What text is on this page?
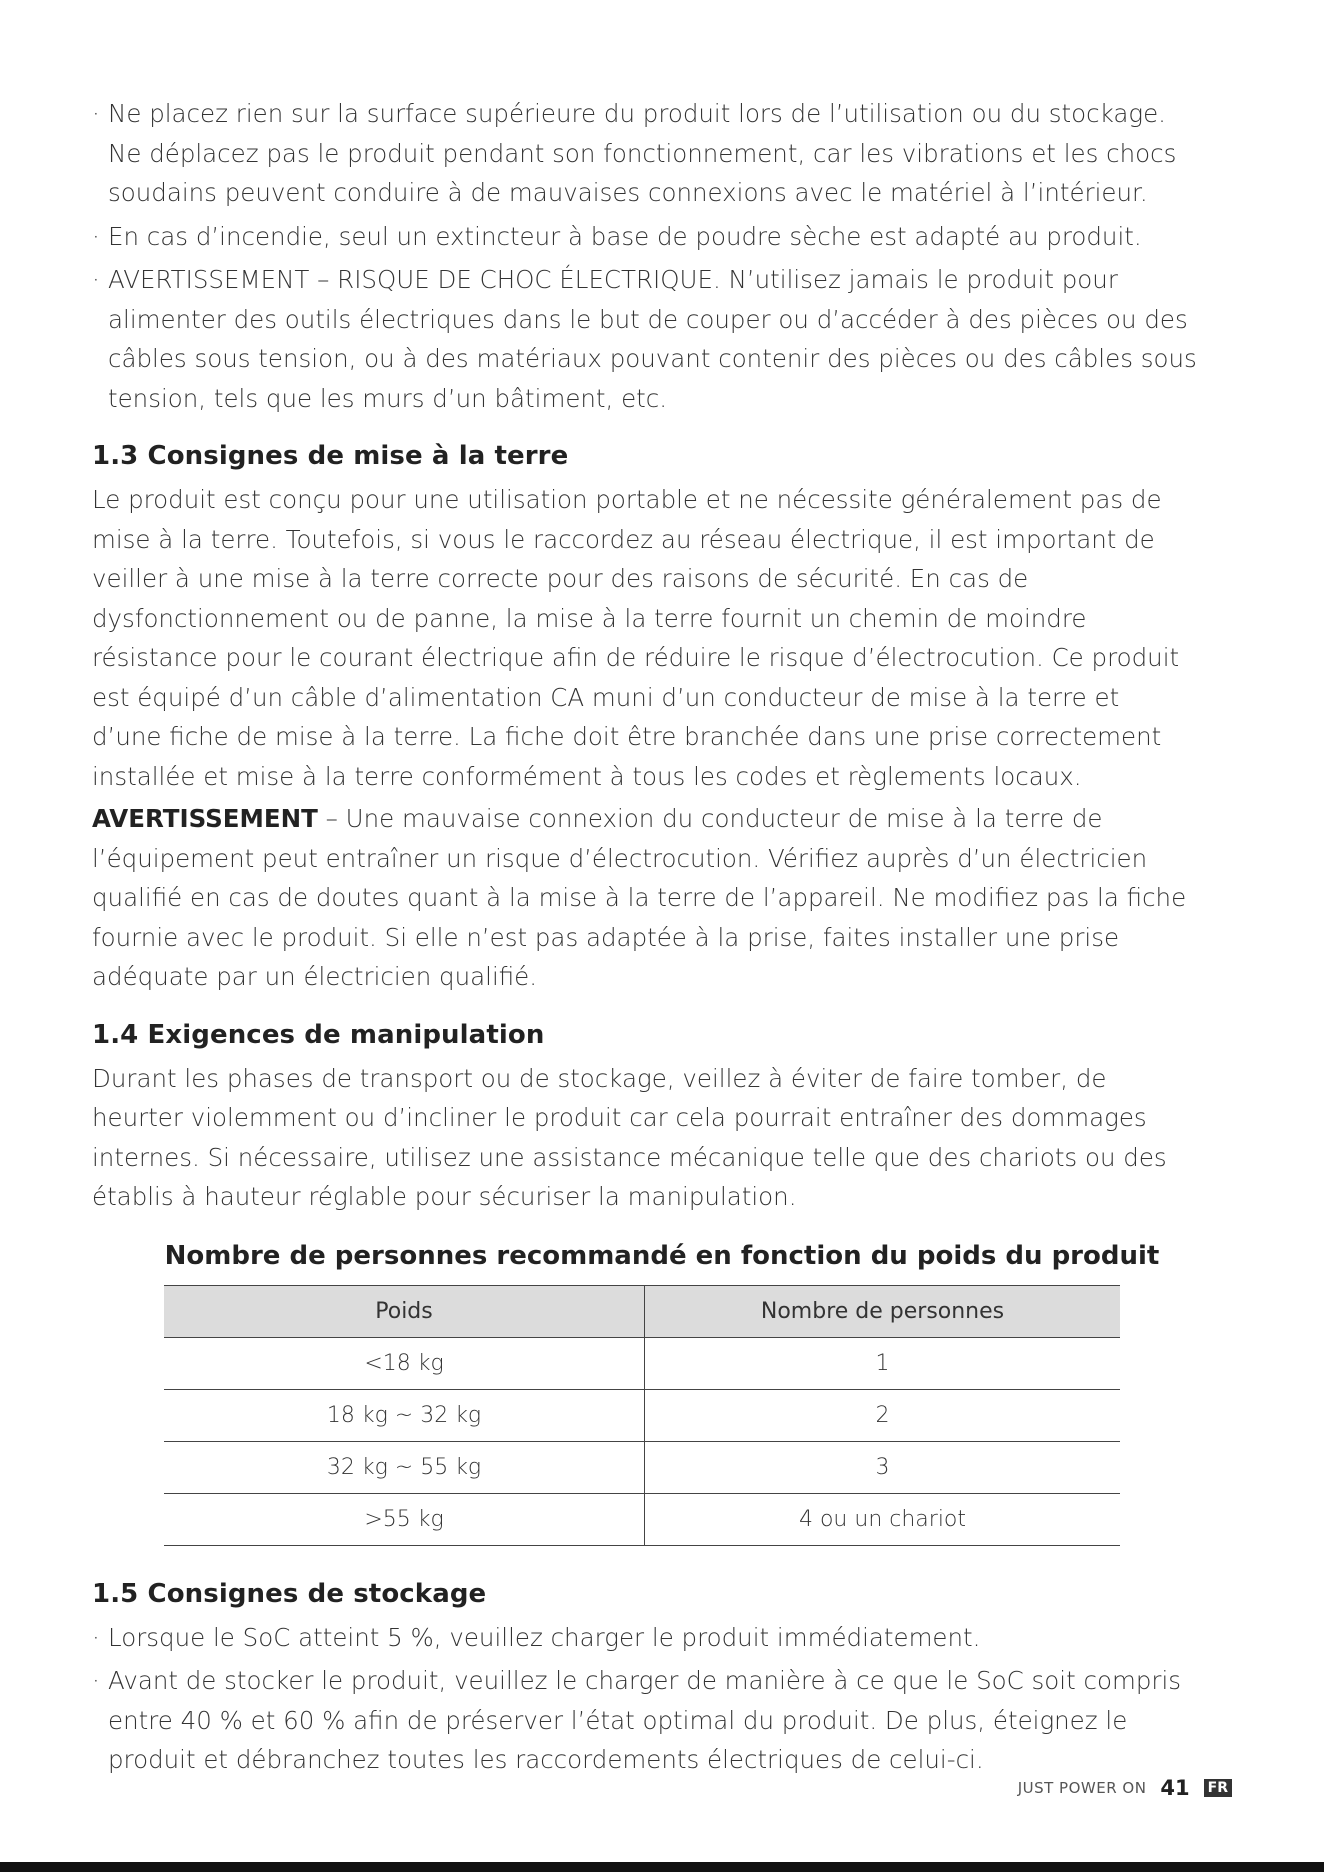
· Ne placez rien sur la surface supérieure du produit lors de l’utilisation ou du stockage.
Ne déplacez pas le produit pendant son fonctionnement, car les vibrations et les chocs
soudains peuvent conduire à de mauvaises connexions avec le matériel à l’intérieur.
· En cas d’incendie, seul un extincteur à base de poudre sèche est adapté au produit.
· AVERTISSEMENT – RISQUE DE CHOC ÉLECTRIQUE. N’utilisez jamais le produit pour
alimenter des outils électriques dans le but de couper ou d’accéder à des pièces ou des
câbles sous tension, ou à des matériaux pouvant contenir des pièces ou des câbles sous
tension, tels que les murs d’un bâtiment, etc.
1.3 Consignes de mise à la terre

Le produit est conçu pour une utilisation portable et ne nécessite généralement pas de
mise à la terre. Toutefois, si vous le raccordez au réseau électrique, il est important de
veiller à une mise à la terre correcte pour des raisons de sécurité. En cas de
dysfonctionnement ou de panne, la mise à la terre fournit un chemin de moindre
résistance pour le courant électrique afin de réduire le risque d’électrocution. Ce produit
est équipé d’un câble d’alimentation CA muni d’un conducteur de mise à la terre et
d’une fiche de mise à la terre. La fiche doit être branchée dans une prise correctement
installée et mise à la terre conformément à tous les codes et règlements locaux.

AVERTISSEMENT – Une mauvaise connexion du conducteur de mise à la terre de
l’équipement peut entraîner un risque d’électrocution. Vérifiez auprès d’un électricien
qualifié en cas de doutes quant à la mise à la terre de l’appareil. Ne modifiez pas la fiche
fournie avec le produit. Si elle n’est pas adaptée à la prise, faites installer une prise
adéquate par un électricien qualifié.

1.4 Exigences de manipulation

Durant les phases de transport ou de stockage, veillez à éviter de faire tomber, de
heurter violemment ou d’incliner le produit car cela pourrait entraîner des dommages
internes. Si nécessaire, utilisez une assistance mécanique telle que des chariots ou des
établis à hauteur réglable pour sécuriser la manipulation.

Nombre de personnes recommandé en fonction du poids du produit
Poids	Nombre de personnes
<18 kg	1
18 kg ~ 32 kg	2
32 kg ~ 55 kg	3
>55 kg	4 ou un chariot
1.5 Consignes de stockage
· Lorsque le SoC atteint 5 %, veuillez charger le produit immédiatement.
· Avant de stocker le produit, veuillez le charger de manière à ce que le SoC soit compris
entre 40 % et 60 % afin de préserver l’état optimal du produit. De plus, éteignez le
produit et débranchez toutes les raccordements électriques de celui-ci.
JUST POWER ON 41 FR
